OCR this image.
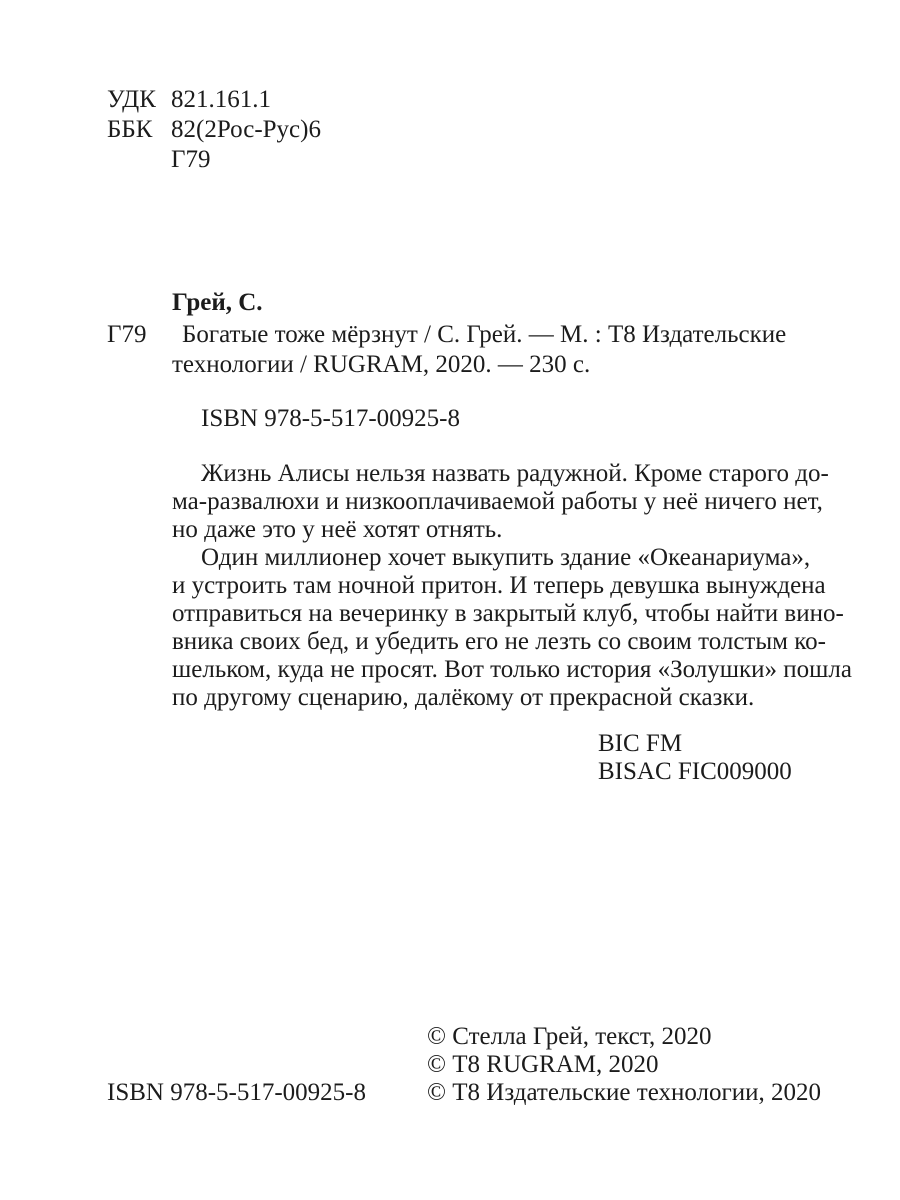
УДК 821.161.1
ББК 82(2Рос-Рус)6
Г79
Грей, С.
Г79 Богатые тоже мёрзнут / С. Грей. — М. : Т8 Издательские
технологии / RUGRAM, 2020. — 230 с.
ISBN 978-5-517-00925-8
Жизнь Алисы нельзя назвать радужной. Кроме старого до-
ма-развалюхи и низкооплачиваемой работы у неё ничего нет,
но даже это у неё хотят отнять.
Один миллионер хочет выкупить здание «Океанариума»,
и устроить там ночной притон. И теперь девушка вынуждена
отправиться на вечеринку в закрытый клуб, чтобы найти вино-
вника своих бед, и убедить его не лезть со своим толстым ко-
шельком, куда не просят. Вот только история «Золушки» пошла
по другому сценарию, далёкому от прекрасной сказки.
BIC FM
BISAC FIC009000
ISBN 978-5-517-00925-8
© Стелла Грей, текст, 2020
© Т8 RUGRAM, 2020
© Т8 Издательские технологии, 2020
